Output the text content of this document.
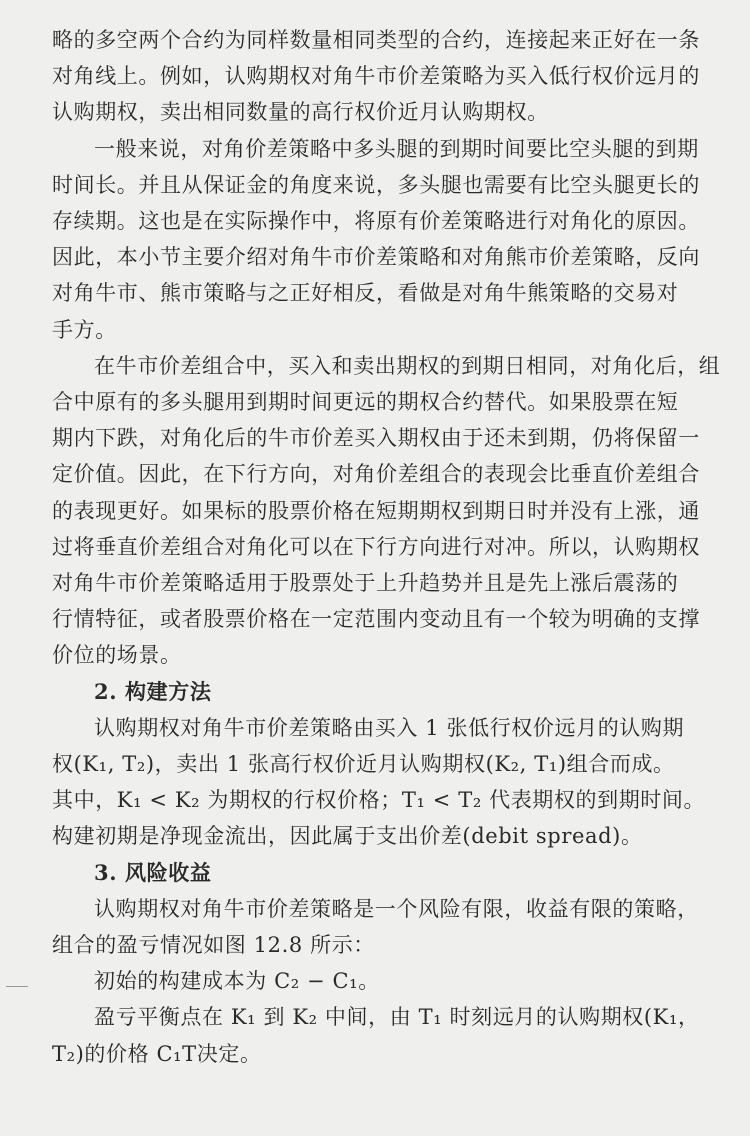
略的多空两个合约为同样数量相同类型的合约，连接起来正好在一条
对角线上。例如，认购期权对角牛市价差策略为买入低行权价远月的
认购期权，卖出相同数量的高行权价近月认购期权。
一般来说，对角价差策略中多头腿的到期时间要比空头腿的到期
时间长。并且从保证金的角度来说，多头腿也需要有比空头腿更长的
存续期。这也是在实际操作中，将原有价差策略进行对角化的原因。
因此，本小节主要介绍对角牛市价差策略和对角熊市价差策略，反向
对角牛市、熊市策略与之正好相反，看做是对角牛熊策略的交易对
手方。
在牛市价差组合中，买入和卖出期权的到期日相同，对角化后，组
合中原有的多头腿用到期时间更远的期权合约替代。如果股票在短
期内下跌，对角化后的牛市价差买入期权由于还未到期，仍将保留一
定价值。因此，在下行方向，对角价差组合的表现会比垂直价差组合
的表现更好。如果标的股票价格在短期期权到期日时并没有上涨，通
过将垂直价差组合对角化可以在下行方向进行对冲。所以，认购期权
对角牛市价差策略适用于股票处于上升趋势并且是先上涨后震荡的
行情特征，或者股票价格在一定范围内变动且有一个较为明确的支撑
价位的场景。
2. 构建方法
认购期权对角牛市价差策略由买入 1 张低行权价远月的认购期
权(K₁, T₂)，卖出 1 张高行权价近月认购期权(K₂, T₁)组合而成。
其中，K₁ < K₂ 为期权的行权价格；T₁ < T₂ 代表期权的到期时间。
构建初期是净现金流出，因此属于支出价差(debit spread)。
3. 风险收益
认购期权对角牛市价差策略是一个风险有限，收益有限的策略，
组合的盈亏情况如图 12.8 所示：
初始的构建成本为 C₂ − C₁。
盈亏平衡点在 K₁ 到 K₂ 中间，由 T₁ 时刻远月的认购期权(K₁，
T₂)的价格 C₁T决定。
